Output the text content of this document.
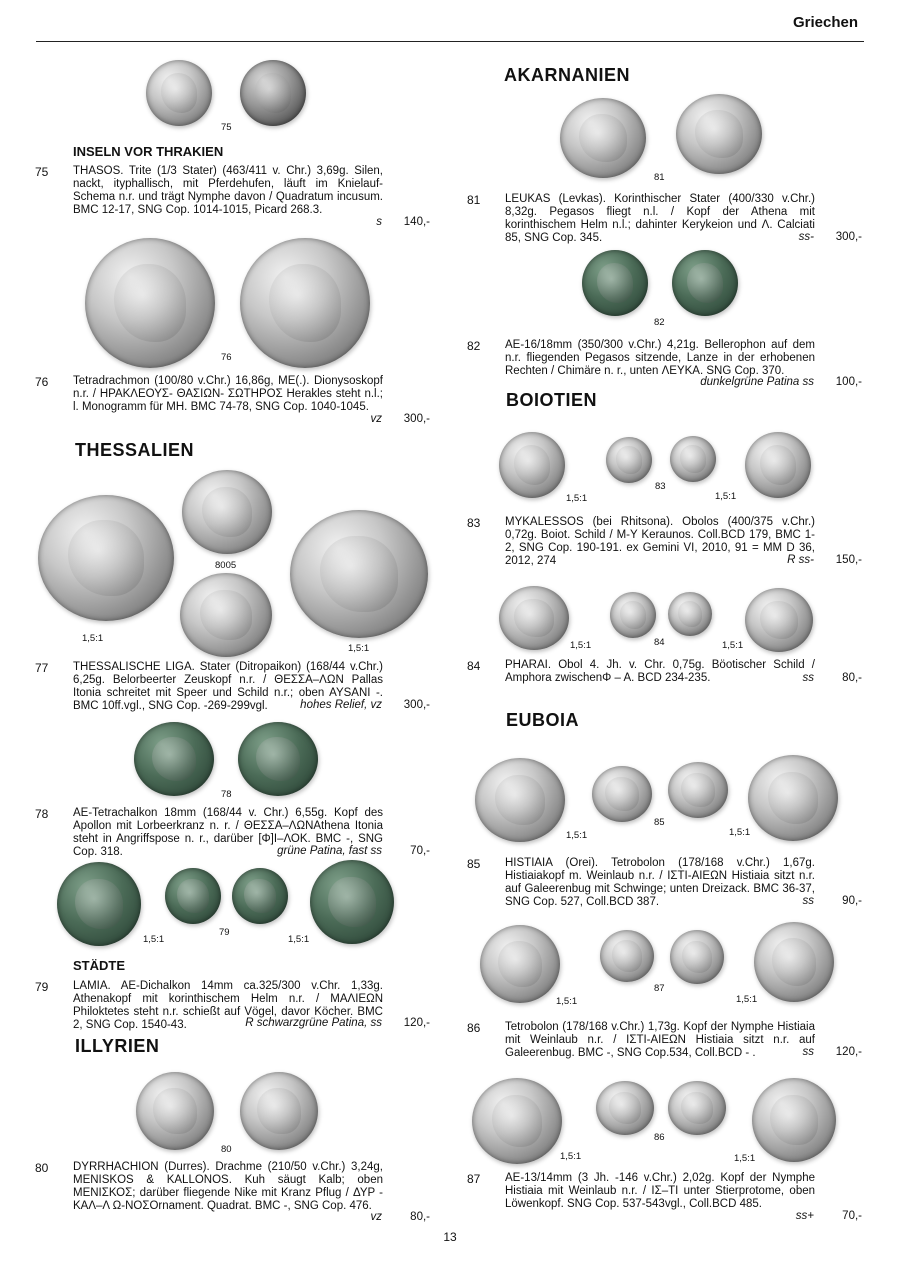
Griechen
75
INSELN VOR THRAKIEN
75 THASOS. Trite (1/3 Stater) (463/411 v. Chr.) 3,69g. Silen, nackt, ityphallisch, mit Pferdehufen, läuft im Knielauf-Schema n.r. und trägt Nymphe davon / Quadratum incusum. BMC 12-17, SNG Cop. 1014-1015, Picard 268.3.
s	140,-
76
76 Tetradrachmon (100/80 v.Chr.) 16,86g, ME(.). Dionysoskopf n.r. / ΗΡΑΚΛΕΟΥΣ- ΘΑΣΙΩΝ- ΣΩΤΗΡΟΣ Herakles steht n.l.; l. Monogramm für MH. BMC 74-78, SNG Cop. 1040-1045.
vz	300,-
THESSALIEN
8005
1,5:1
1,5:1
77 THESSALISCHE LIGA. Stater (Ditropaikon) (168/44 v.Chr.) 6,25g. Belorbeerter Zeuskopf n.r. / ΘΕΣΣΑ–ΛΩΝ Pallas Itonia schreitet mit Speer und Schild n.r.; oben AYSANI -. BMC 10ff.vgl., SNG Cop. -269-299vgl.	hohes Relief, vz	300,-
78
78 AE-Tetrachalkon 18mm (168/44 v. Chr.) 6,55g. Kopf des Apollon mit Lorbeerkranz n. r. / ΘΕΣΣΑ–ΛΩΝAthena Itonia steht in Angriffspose n. r., darüber [Φ]Ι–ΛΟΚ. BMC -, SNG Cop. 318.	grüne Patina, fast ss	70,-
1,5:1
79
1,5:1
STÄDTE
79 LAMIA. AE-Dichalkon 14mm ca.325/300 v.Chr. 1,33g. Athenakopf mit korinthischem Helm n.r. / ΜΑΛΙΕΩΝ Philoktetes steht n.r. schießt auf Vögel, davor Köcher. BMC 2, SNG Cop. 1540-43.	R schwarzgrüne Patina, ss	120,-
ILLYRIEN
80
80 DYRRHACHION (Durres). Drachme (210/50 v.Chr.) 3,24g, MENISKOS & KALLONOS. Kuh säugt Kalb; oben ΜΕΝΙΣΚΟΣ; darüber fliegende Nike mit Kranz Pflug / ΔΥΡ - ΚΑΛ–Λ Ω-ΝΟΣOrnament. Quadrat. BMC -, SNG Cop. 476.
vz	80,-
AKARNANIEN
81
81 LEUKAS (Levkas). Korinthischer Stater (400/330 v.Chr.) 8,32g. Pegasos fliegt n.l. / Kopf der Athena mit korinthischem Helm n.l.; dahinter Kerykeion und Λ. Calciati 85, SNG Cop. 345.	ss-	300,-
82
82 AE-16/18mm (350/300 v.Chr.) 4,21g. Bellerophon auf dem n.r. fliegenden Pegasos sitzende, Lanze in der erhobenen Rechten / Chimäre n. r., unten ΛΕΥΚΑ. SNG Cop. 370.
dunkelgrüne Patina ss	100,-
BOIOTIEN
1,5:1
83
1,5:1
83 MYKALESSOS (bei Rhitsona). Obolos (400/375 v.Chr.) 0,72g. Boiot. Schild / M-Y Keraunos. Coll.BCD 179, BMC 1-2, SNG Cop. 190-191. ex Gemini VI, 2010, 91 = MM D 36, 2012, 274	R ss-	150,-
1,5:1	84	1,5:1
84 PHARAI. Obol 4. Jh. v. Chr. 0,75g. Böotischer Schild / Amphora zwischenΦ – Α. BCD 234-235.	ss	80,-
EUBOIA
1,5:1
85
1,5:1
85 HISTIAIA (Orei). Tetrobolon (178/168 v.Chr.) 1,67g. Histiaiakopf m. Weinlaub n.r. / ΙΣΤΙ-ΑΙΕΩΝ Histiaia sitzt n.r. auf Galeerenbug mit Schwinge; unten Dreizack. BMC 36-37, SNG Cop. 527, Coll.BCD 387.	ss	90,-
1,5:1
87
1,5:1
86 Tetrobolon (178/168 v.Chr.) 1,73g. Kopf der Nymphe Histiaia mit Weinlaub n.r. / ΙΣΤΙ-ΑΙΕΩΝ Histiaia sitzt n.r. auf Galeerenbug. BMC -, SNG Cop.534, Coll.BCD - .	ss	120,-
1,5:1
86
1,5:1
87 AE-13/14mm (3 Jh. -146 v.Chr.) 2,02g. Kopf der Nymphe Histiaia mit Weinlaub n.r. / ΙΣ–ΤΙ unter Stierprotome, oben Löwenkopf. SNG Cop. 537-543vgl., Coll.BCD 485.
ss+	70,-
13
